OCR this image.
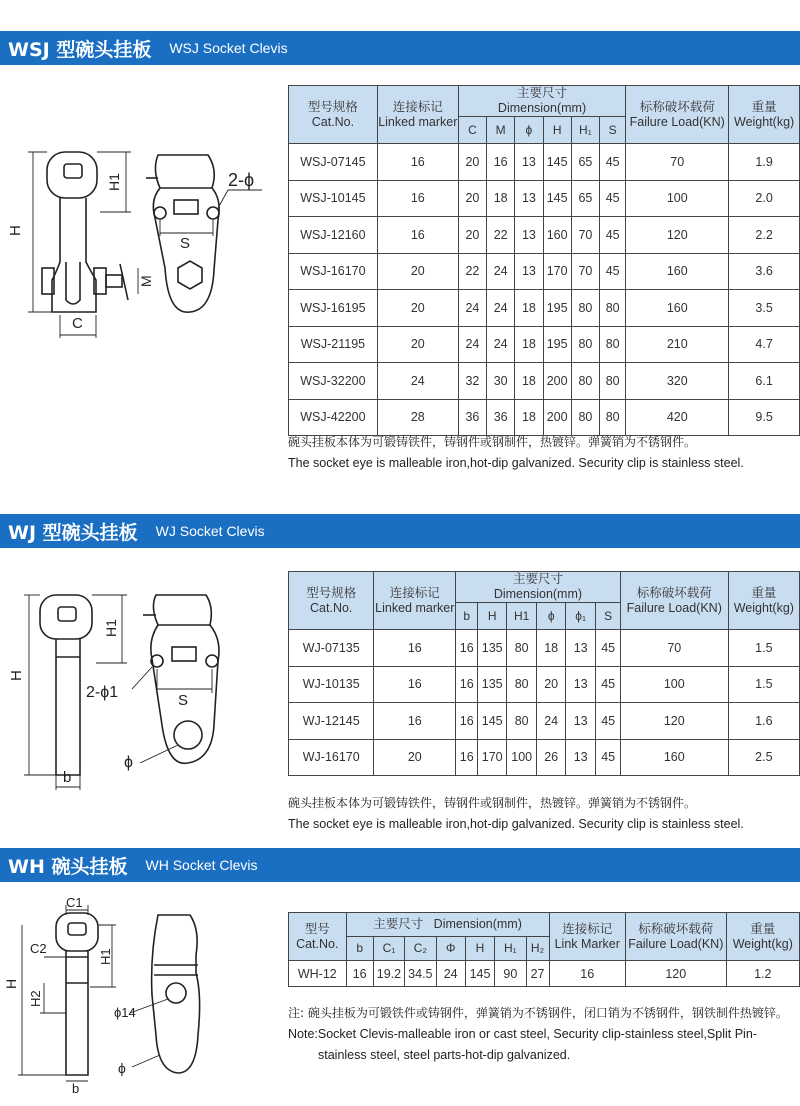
WSJ 型碗头挂板 WSJ Socket Clevis
H
H1
M
C
S
2-ϕ
型号规格
Cat.No.	连接标记
Linked marker	主要尺寸
Dimension(mm)						标称破坏载荷
Failure Load(KN)	重量
Weight(kg)
		C	M	ϕ	H	H₁	S		
WSJ-07145	16	20	16	13	145	65	45	70	1.9
WSJ-10145	16	20	18	13	145	65	45	100	2.0
WSJ-12160	16	20	22	13	160	70	45	120	2.2
WSJ-16170	20	22	24	13	170	70	45	160	3.6
WSJ-16195	20	24	24	18	195	80	80	160	3.5
WSJ-21195	20	24	24	18	195	80	80	210	4.7
WSJ-32200	24	32	30	18	200	80	80	320	6.1
WSJ-42200	28	36	36	18	200	80	80	420	9.5
碗头挂板本体为可锻铸铁件，铸钢件或钢制件，热镀锌。弹簧销为不锈钢件。
The socket eye is malleable iron,hot-dip galvanized. Security clip is stainless steel.
WJ 型碗头挂板 WJ Socket Clevis
H
H1
2-ϕ1	S
ϕ
b
型号规格
Cat.No.	连接标记
Linked marker	主要尺寸
Dimension(mm)						标称破坏载荷
Failure Load(KN)	重量
Weight(kg)
		b	H	H1	ϕ	ϕ₁	S		
WJ-07135	16	16	135	80	18	13	45	70	1.5
WJ-10135	16	16	135	80	20	13	45	100	1.5
WJ-12145	16	16	145	80	24	13	45	120	1.6
WJ-16170	20	16	170	100	26	13	45	160	2.5
碗头挂板本体为可锻铸铁件，铸钢件或钢制件，热镀锌。弹簧销为不锈钢件。
The socket eye is malleable iron,hot-dip galvanized. Security clip is stainless steel.
WH 碗头挂板 WH Socket Clevis
C1
C2
H
H2
H1
ϕ14
ϕ
b
型号
Cat.No.	主要尺寸 Dimension(mm)							连接标记
Link Marker	标称破坏载荷
Failure Load(KN)	重量
Weight(kg)
	b	C₁	C₂	Φ	H	H₁	H₂			
WH-12	16	19.2	34.5	24	145	90	27	16	120	1.2
注: 碗头挂板为可锻铁件或铸钢件，弹簧销为不锈钢件，闭口销为不锈钢件，钢铁制件热镀锌。
Note:Socket Clevis-malleable iron or cast steel, Security clip-stainless steel,Split Pin-
stainless steel, steel parts-hot-dip galvanized.
